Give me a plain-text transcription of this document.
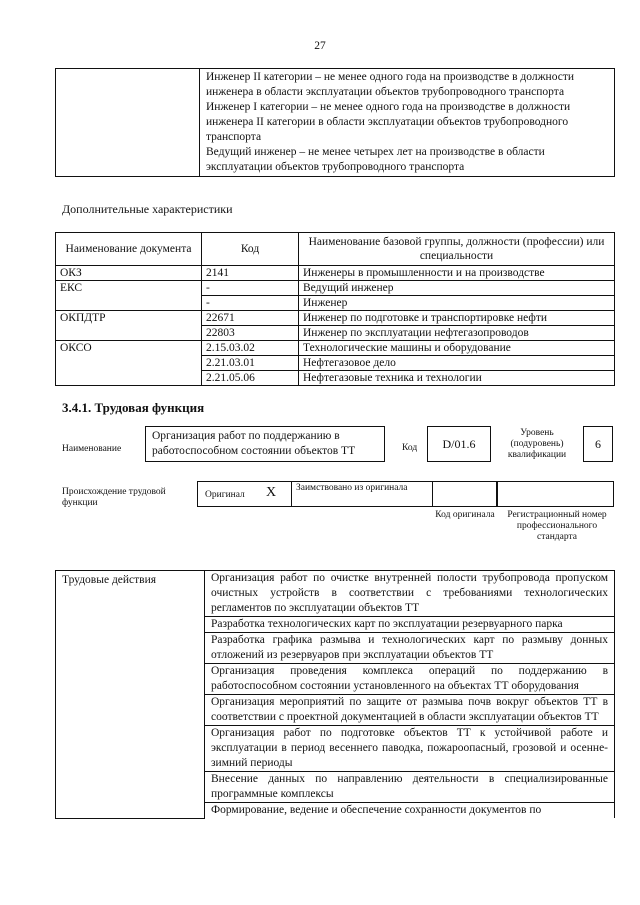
27

Инженер II категории – не менее одного года на производстве в должности инженера в области эксплуатации объектов трубопроводного транспорта
Инженер I категории – не менее одного года на производстве в должности инженера II категории в области эксплуатации объектов трубопроводного транспорта
Ведущий инженер – не менее четырех лет на производстве в области эксплуатации объектов трубопроводного транспорта
Дополнительные характеристики
Наименование документа	Код	Наименование базовой группы, должности (профессии) или специальности
ОКЗ	2141	Инженеры в промышленности и на производстве
ЕКС	-	Ведущий инженер
	-	Инженер
ОКПДТР	22671	Инженер по подготовке и транспортировке нефти
	22803	Инженер по эксплуатации нефтегазопроводов
ОКСО	2.15.03.02	Технологические машины и оборудование
	2.21.03.01	Нефтегазовое дело
	2.21.05.06	Нефтегазовые техника и технологии
3.4.1. Трудовая функция
Наименование
Организация работ по поддержанию в работоспособном состоянии объектов ТТ	Код	D/01.6
Уровень (подуровень) квалификации
6
Происхождение трудовой функции
Оригинал X Заимствовано из оригинала
Код оригинала Регистрационный номер профессионального стандарта
Трудовые действия	Организация работ по очистке внутренней полости трубопровода пропуском очистных устройств в соответствии с требованиями технологических регламентов по эксплуатации объектов ТТ
Разработка технологических карт по эксплуатации резервуарного парка
Разработка графика размыва и технологических карт по размыву донных отложений из резервуаров при эксплуатации объектов ТТ
Организация проведения комплекса операций по поддержанию в работоспособном состоянии установленного на объектах ТТ оборудования
Организация мероприятий по защите от размыва почв вокруг объектов ТТ в соответствии с проектной документацией в области эксплуатации объектов ТТ
Организация работ по подготовке объектов ТТ к устойчивой работе и эксплуатации в период весеннего паводка, пожароопасный, грозовой и осенне-зимний периоды
Внесение данных по направлению деятельности в специализированные программные комплексы
Формирование, ведение и обеспечение сохранности документов по
